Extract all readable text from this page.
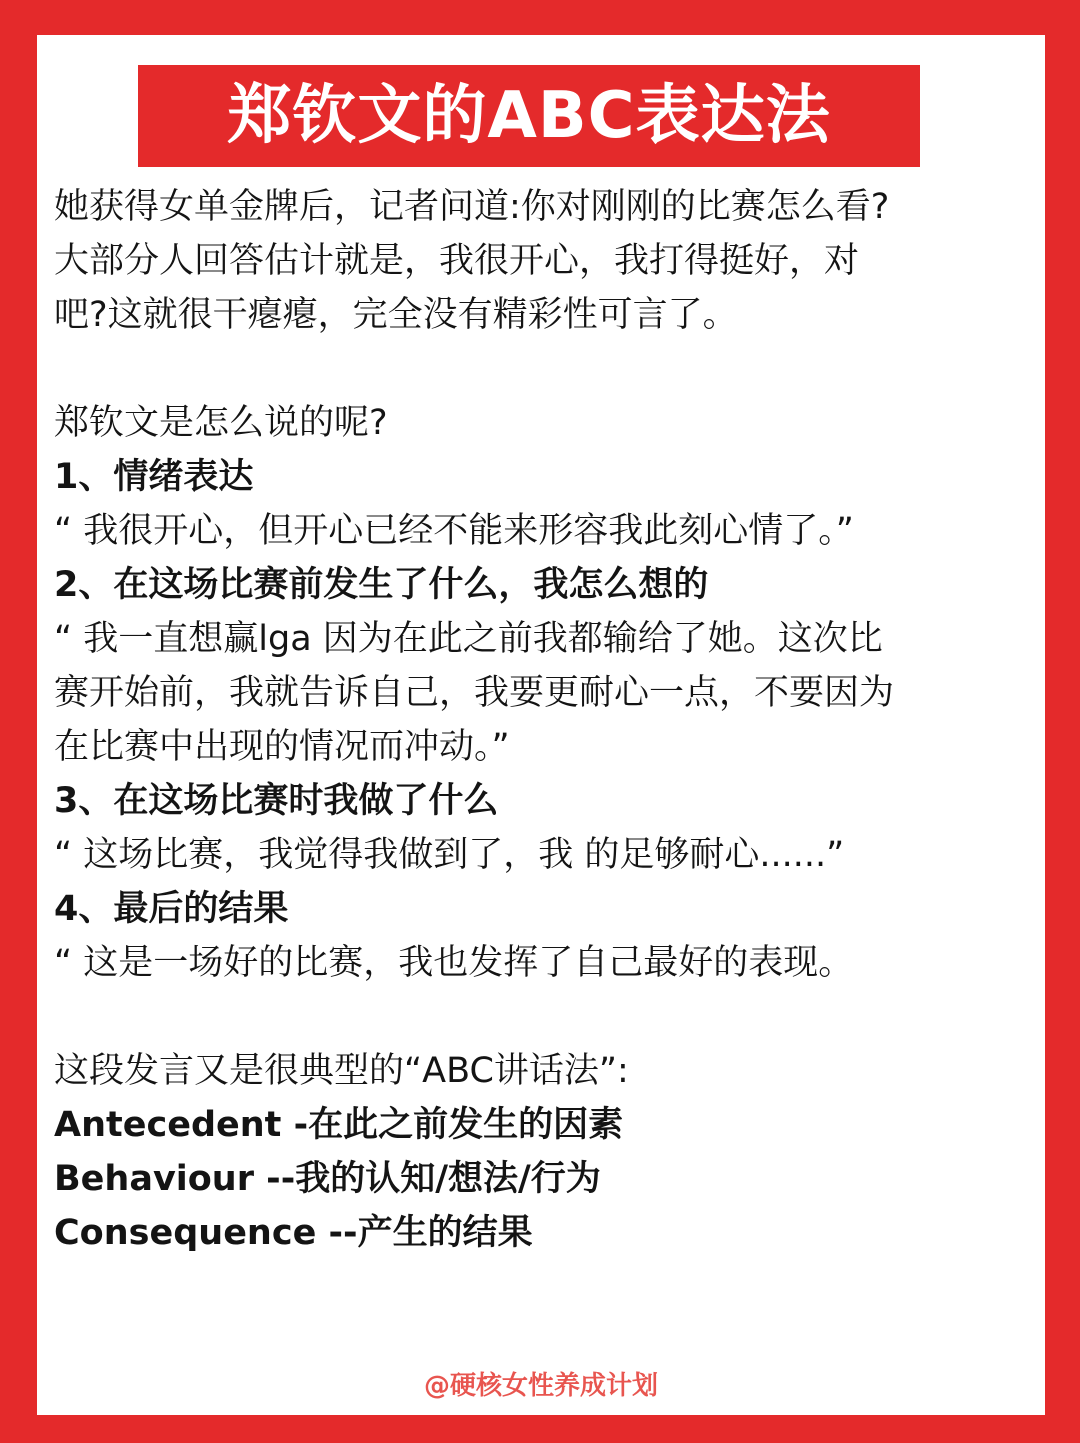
郑钦文的ABC表达法
她获得女单金牌后，记者问道:你对刚刚的比赛怎么看?
大部分人回答估计就是，我很开心，我打得挺好，对
吧?这就很干瘪瘪，完全没有精彩性可言了。
郑钦文是怎么说的呢?
1、情绪表达
“ 我很开心，但开心已经不能来形容我此刻心情了。”
2、在这场比赛前发生了什么，我怎么想的
“ 我一直想赢lga 因为在此之前我都输给了她。这次比
赛开始前，我就告诉自己，我要更耐心一点，不要因为
在比赛中出现的情况而冲动。”
3、在这场比赛时我做了什么
“ 这场比赛，我觉得我做到了，我 的足够耐心......”
4、最后的结果
“ 这是一场好的比赛，我也发挥了自己最好的表现。
这段发言又是很典型的“ABC讲话法”:
Antecedent -在此之前发生的因素
Behaviour --我的认知/想法/行为
Consequence --产生的结果
@硬核女性养成计划
